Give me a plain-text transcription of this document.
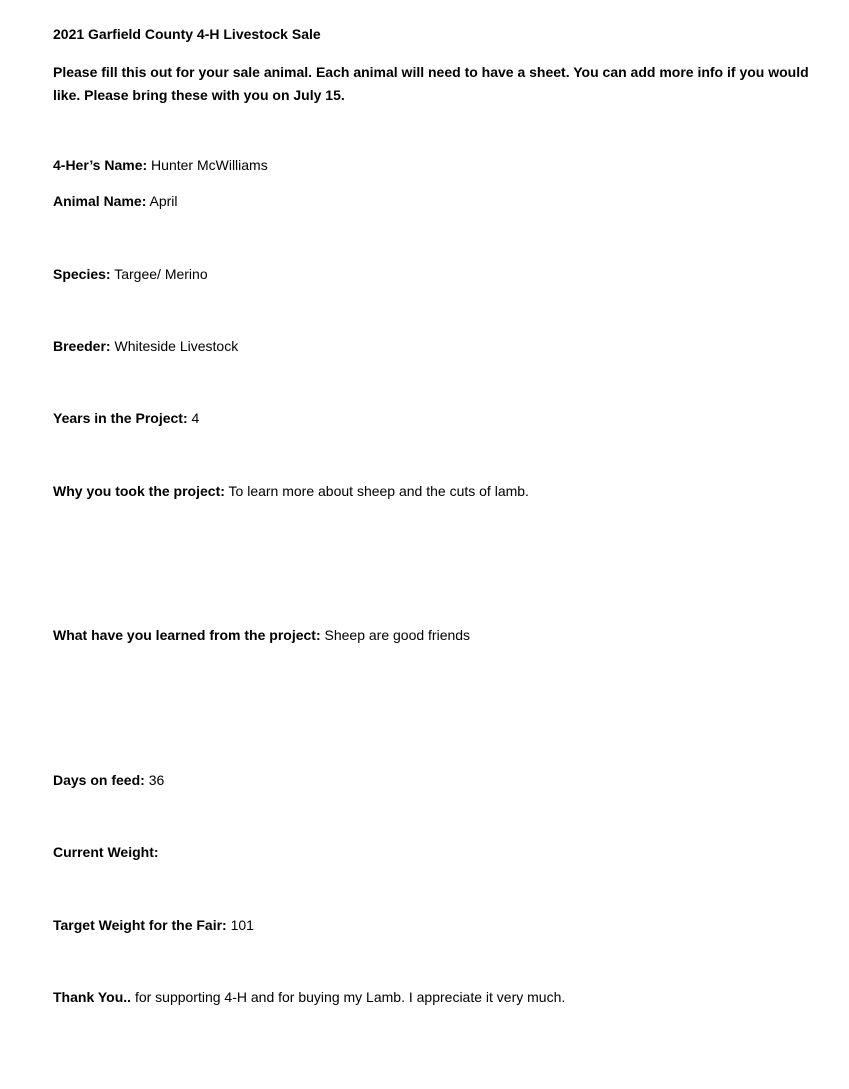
2021 Garfield County 4-H Livestock Sale
Please fill this out for your sale animal. Each animal will need to have a sheet. You can add more info if you would like. Please bring these with you on July 15.
4-Her’s Name: Hunter McWilliams
Animal Name: April
Species: Targee/ Merino
Breeder: Whiteside Livestock
Years in the Project: 4
Why you took the project: To learn more about sheep and the cuts of lamb.
What have you learned from the project: Sheep are good friends
Days on feed: 36
Current Weight:
Target Weight for the Fair: 101
Thank You.. for supporting 4-H and for buying my Lamb. I appreciate it very much.
